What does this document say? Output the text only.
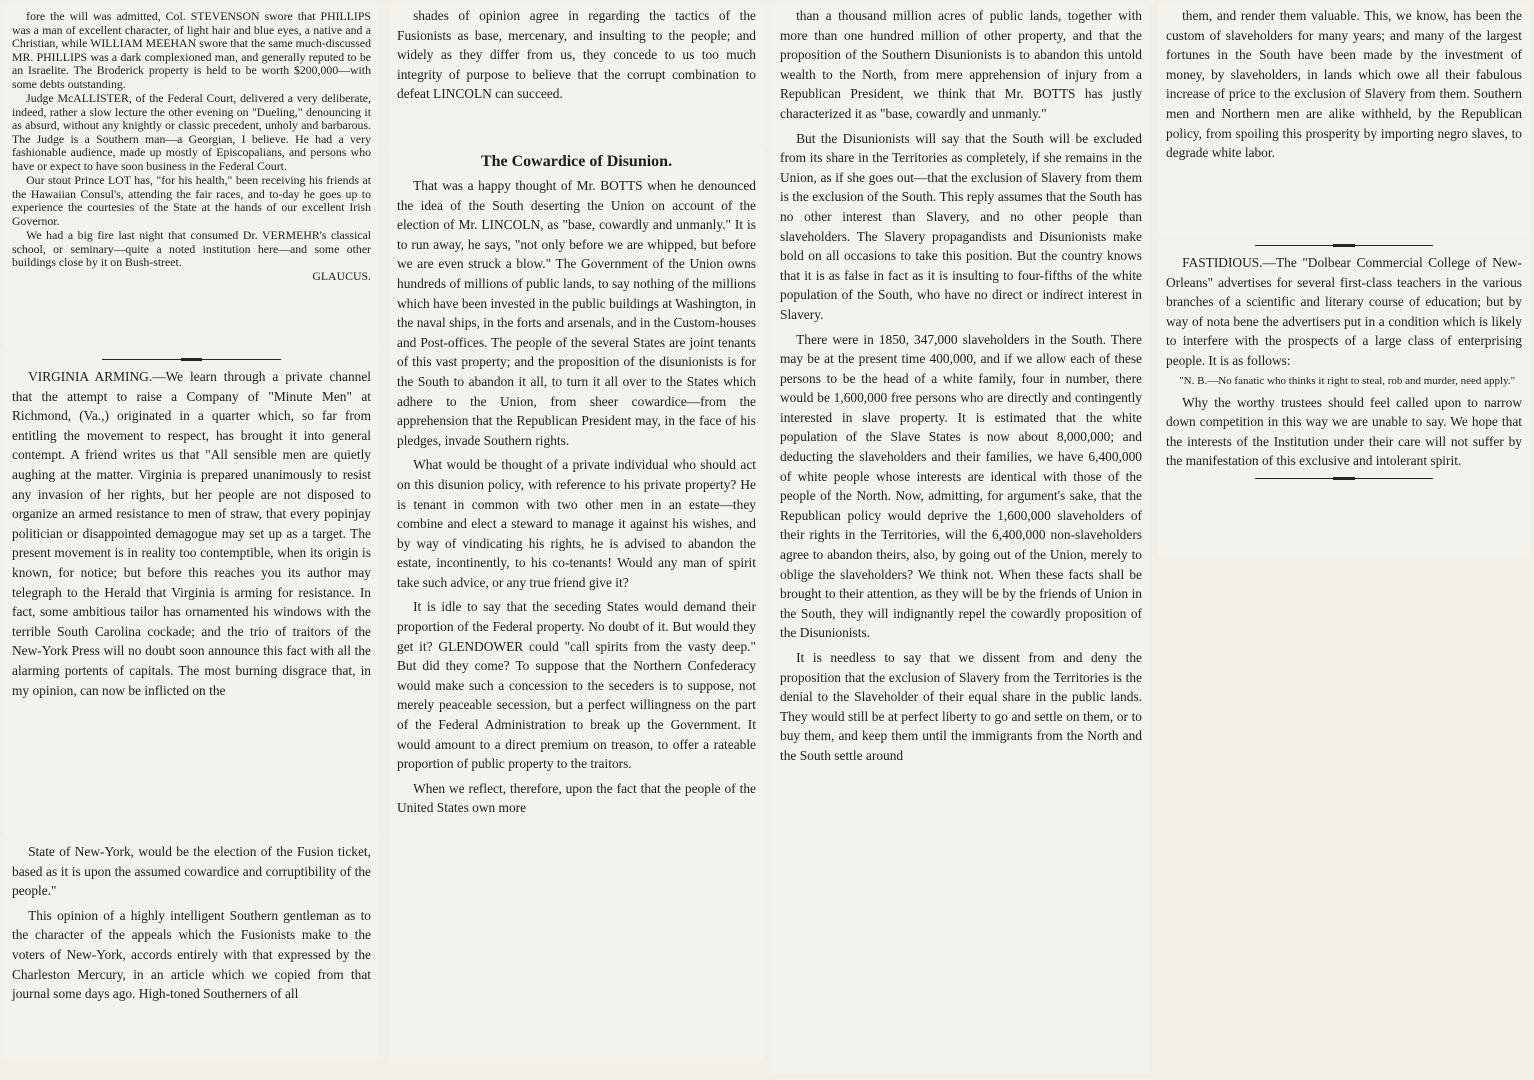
fore the will was admitted, Col. STEVENSON swore that PHILLIPS was a man of excellent character, of light hair and blue eyes, a native and a Christian, while WILLIAM MEEHAN swore that the same much-discussed MR. PHILLIPS was a dark complexioned man, and generally reputed to be an Israelite. The Broderick property is held to be worth $200,000—with some debts outstanding.

Judge McALLISTER, of the Federal Court, delivered a very deliberate, indeed, rather a slow lecture the other evening on "Dueling," denouncing it as absurd, without any knightly or classic precedent, unholy and barbarous. The Judge is a Southern man—a Georgian, I believe. He had a very fashionable audience, made up mostly of Episcopalians, and persons who have or expect to have soon business in the Federal Court.

Our stout Prince LOT has, "for his health," been receiving his friends at the Hawaiian Consul's, attending the fair races, and to-day he goes up to experience the courtesies of the State at the hands of our excellent Irish Governor.

We had a big fire last night that consumed Dr. VERMEHR's classical school, or seminary—quite a noted institution here—and some other buildings close by it on Bush-street.

GLAUCUS.

VIRGINIA ARMING.—We learn through a private channel that the attempt to raise a Company of "Minute Men" at Richmond, (Va.,) originated in a quarter which, so far from entitling the movement to respect, has brought it into general contempt. A friend writes us that "All sensible men are quietly aughing at the matter. Virginia is prepared unanimously to resist any invasion of her rights, but her people are not disposed to organize an armed resistance to men of straw, that every popinjay politician or disappointed demagogue may set up as a target. The present movement is in reality too contemptible, when its origin is known, for notice; but before this reaches you its author may telegraph to the Herald that Virginia is arming for resistance. In fact, some ambitious tailor has ornamented his windows with the terrible South Carolina cockade; and the trio of traitors of the New-York Press will no doubt soon announce this fact with all the alarming portents of capitals. The most burning disgrace that, in my opinion, can now be inflicted on the

State of New-York, would be the election of the Fusion ticket, based as it is upon the assumed cowardice and corruptibility of the people."

This opinion of a highly intelligent Southern gentleman as to the character of the appeals which the Fusionists make to the voters of New-York, accords entirely with that expressed by the Charleston Mercury, in an article which we copied from that journal some days ago. High-toned Southerners of all

shades of opinion agree in regarding the tactics of the Fusionists as base, mercenary, and insulting to the people; and widely as they differ from us, they concede to us too much integrity of purpose to believe that the corrupt combination to defeat LINCOLN can succeed.

The Cowardice of Disunion.

That was a happy thought of Mr. BOTTS when he denounced the idea of the South deserting the Union on account of the election of Mr. LINCOLN, as "base, cowardly and unmanly." It is to run away, he says, "not only before we are whipped, but before we are even struck a blow." The Government of the Union owns hundreds of millions of public lands, to say nothing of the millions which have been invested in the public buildings at Washington, in the naval ships, in the forts and arsenals, and in the Custom-houses and Post-offices. The people of the several States are joint tenants of this vast property; and the proposition of the disunionists is for the South to abandon it all, to turn it all over to the States which adhere to the Union, from sheer cowardice—from the apprehension that the Republican President may, in the face of his pledges, invade Southern rights.

What would be thought of a private individual who should act on this disunion policy, with reference to his private property? He is tenant in common with two other men in an estate—they combine and elect a steward to manage it against his wishes, and by way of vindicating his rights, he is advised to abandon the estate, incontinently, to his co-tenants! Would any man of spirit take such advice, or any true friend give it?

It is idle to say that the seceding States would demand their proportion of the Federal property. No doubt of it. But would they get it? GLENDOWER could "call spirits from the vasty deep." But did they come? To suppose that the Northern Confederacy would make such a concession to the seceders is to suppose, not merely peaceable secession, but a perfect willingness on the part of the Federal Administration to break up the Government. It would amount to a direct premium on treason, to offer a rateable proportion of public property to the traitors.

When we reflect, therefore, upon the fact that the people of the United States own more

than a thousand million acres of public lands, together with more than one hundred million of other property, and that the proposition of the Southern Disunionists is to abandon this untold wealth to the North, from mere apprehension of injury from a Republican President, we think that Mr. BOTTS has justly characterized it as "base, cowardly and unmanly."

But the Disunionists will say that the South will be excluded from its share in the Territories as completely, if she remains in the Union, as if she goes out—that the exclusion of Slavery from them is the exclusion of the South. This reply assumes that the South has no other interest than Slavery, and no other people than slaveholders. The Slavery propagandists and Disunionists make bold on all occasions to take this position. But the country knows that it is as false in fact as it is insulting to four-fifths of the white population of the South, who have no direct or indirect interest in Slavery.

There were in 1850, 347,000 slaveholders in the South. There may be at the present time 400,000, and if we allow each of these persons to be the head of a white family, four in number, there would be 1,600,000 free persons who are directly and contingently interested in slave property. It is estimated that the white population of the Slave States is now about 8,000,000; and deducting the slaveholders and their families, we have 6,400,000 of white people whose interests are identical with those of the people of the North. Now, admitting, for argument's sake, that the Republican policy would deprive the 1,600,000 slaveholders of their rights in the Territories, will the 6,400,000 non-slaveholders agree to abandon theirs, also, by going out of the Union, merely to oblige the slaveholders? We think not. When these facts shall be brought to their attention, as they will be by the friends of Union in the South, they will indignantly repel the cowardly proposition of the Disunionists.

It is needless to say that we dissent from and deny the proposition that the exclusion of Slavery from the Territories is the denial to the Slaveholder of their equal share in the public lands. They would still be at perfect liberty to go and settle on them, or to buy them, and keep them until the immigrants from the North and the South settle around

them, and render them valuable. This, we know, has been the custom of slaveholders for many years; and many of the largest fortunes in the South have been made by the investment of money, by slaveholders, in lands which owe all their fabulous increase of price to the exclusion of Slavery from them. Southern men and Northern men are alike withheld, by the Republican policy, from spoiling this prosperity by importing negro slaves, to degrade white labor.

FASTIDIOUS.—The "Dolbear Commercial College of New-Orleans" advertises for several first-class teachers in the various branches of a scientific and literary course of education; but by way of nota bene the advertisers put in a condition which is likely to interfere with the prospects of a large class of enterprising people. It is as follows:

"N. B.—No fanatic who thinks it right to steal, rob and murder, need apply."

Why the worthy trustees should feel called upon to narrow down competition in this way we are unable to say. We hope that the interests of the Institution under their care will not suffer by the manifestation of this exclusive and intolerant spirit.
